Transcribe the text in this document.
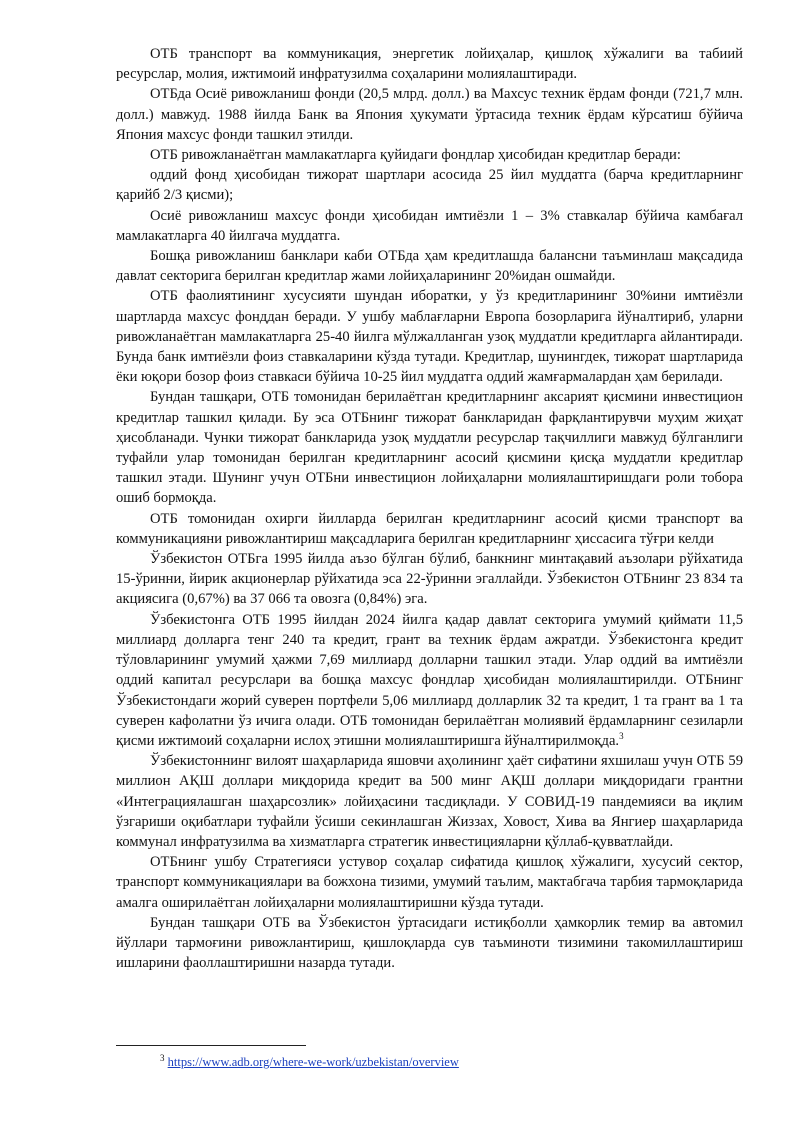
ОТБ транспорт ва коммуникация, энергетик лойиҳалар, қишлоқ хўжалиги ва табиий ресурслар, молия, ижтимоий инфратузилма соҳаларини молиялаштиради.

ОТБда Осиё ривожланиш фонди (20,5 млрд. долл.) ва Махсус техник ёрдам фонди (721,7 млн. долл.) мавжуд. 1988 йилда Банк ва Япония ҳукумати ўртасида техник ёрдам кўрсатиш бўйича Япония махсус фонди ташкил этилди.

ОТБ ривожланаётган мамлакатларга қуйидаги фондлар ҳисобидан кредитлар беради:

оддий фонд ҳисобидан тижорат шартлари асосида 25 йил муддатга (барча кредитларнинг қарийб 2/3 қисми);

Осиё ривожланиш махсус фонди ҳисобидан имтиёзли 1 – 3% ставкалар бўйича камбағал мамлакатларга 40 йилгача муддатга.

Бошқа ривожланиш банклари каби ОТБда ҳам кредитлашда балансни таъминлаш мақсадида давлат секторига берилган кредитлар жами лойиҳаларининг 20%идан ошмайди.

ОТБ фаолиятининг хусусияти шундан иборатки, у ўз кредитларининг 30%ини имтиёзли шартларда махсус фонддан беради. У ушбу маблағларни Европа бозорларига йўналтириб, уларни ривожланаётган мамлакатларга 25-40 йилга мўлжалланган узоқ муддатли кредитларга айлантиради. Бунда банк имтиёзли фоиз ставкаларини кўзда тутади. Кредитлар, шунингдек, тижорат шартларида ёки юқори бозор фоиз ставкаси бўйича 10-25 йил муддатга оддий жамғармалардан ҳам берилади.

Бундан ташқари, ОТБ томонидан берилаётган кредитларнинг аксарият қисмини инвестицион кредитлар ташкил қилади. Бу эса ОТБнинг тижорат банкларидан фарқлантирувчи муҳим жиҳат ҳисобланади. Чунки тижорат банкларида узоқ муддатли ресурслар тақчиллиги мавжуд бўлганлиги туфайли улар томонидан берилган кредитларнинг асосий қисмини қисқа муддатли кредитлар ташкил этади. Шунинг учун ОТБни инвестицион лойиҳаларни молиялаштиришдаги роли тобора ошиб бормоқда.

ОТБ томонидан охирги йилларда берилган кредитларнинг асосий қисми транспорт ва коммуникацияни ривожлантириш мақсадларига берилган кредитларнинг ҳиссасига тўғри келди

Ўзбекистон ОТБга 1995 йилда аъзо бўлган бўлиб, банкнинг минтақавий аъзолари рўйхатида 15-ўринни, йирик акционерлар рўйхатида эса 22-ўринни эгаллайди. Ўзбекистон ОТБнинг 23 834 та акциясига (0,67%) ва 37 066 та овозга (0,84%) эга.

Ўзбекистонга ОТБ 1995 йилдан 2024 йилга қадар давлат секторига умумий қиймати 11,5 миллиард долларга тенг 240 та кредит, грант ва техник ёрдам ажратди. Ўзбекистонга кредит тўловларининг умумий ҳажми 7,69 миллиард долларни ташкил этади. Улар оддий ва имтиёзли оддий капитал ресурслари ва бошқа махсус фондлар ҳисобидан молиялаштирилди. ОТБнинг Ўзбекистондаги жорий суверен портфели 5,06 миллиард долларлик 32 та кредит, 1 та грант ва 1 та суверен кафолатни ўз ичига олади. ОТБ томонидан берилаётган молиявий ёрдамларнинг сезиларли қисми ижтимоий соҳаларни ислоҳ этишни молиялаштиришга йўналтирилмоқда.$^3$

Ўзбекистоннинг вилоят шаҳарларида яшовчи аҳолининг ҳаёт сифатини яхшилаш учун ОТБ 59 миллион АҚШ доллари миқдорида кредит ва 500 минг АҚШ доллари миқдоридаги грантни «Интеграциялашган шаҳарсозлик» лойиҳасини тасдиқлади. У СОВИД-19 пандемияси ва иқлим ўзгариши оқибатлари туфайли ўсиши секинлашган Жиззах, Ховост, Хива ва Янгиер шаҳарларида коммунал инфратузилма ва хизматларга стратегик инвестицияларни қўллаб-қувватлайди.

ОТБнинг ушбу Стратегияси устувор соҳалар сифатида қишлоқ хўжалиги, хусусий сектор, транспорт коммуникациялари ва божхона тизими, умумий таълим, мактабгача тарбия тармоқларида амалга оширилаётган лойиҳаларни молиялаштиришни кўзда тутади.

Бундан ташқари ОТБ ва Ўзбекистон ўртасидаги истиқболли ҳамкорлик темир ва автомил йўллари тармоғини ривожлантириш, қишлоқларда сув таъминоти тизимини такомиллаштириш ишларини фаоллаштиришни назарда тутади.

$^3$ https://www.adb.org/where-we-work/uzbekistan/overview
